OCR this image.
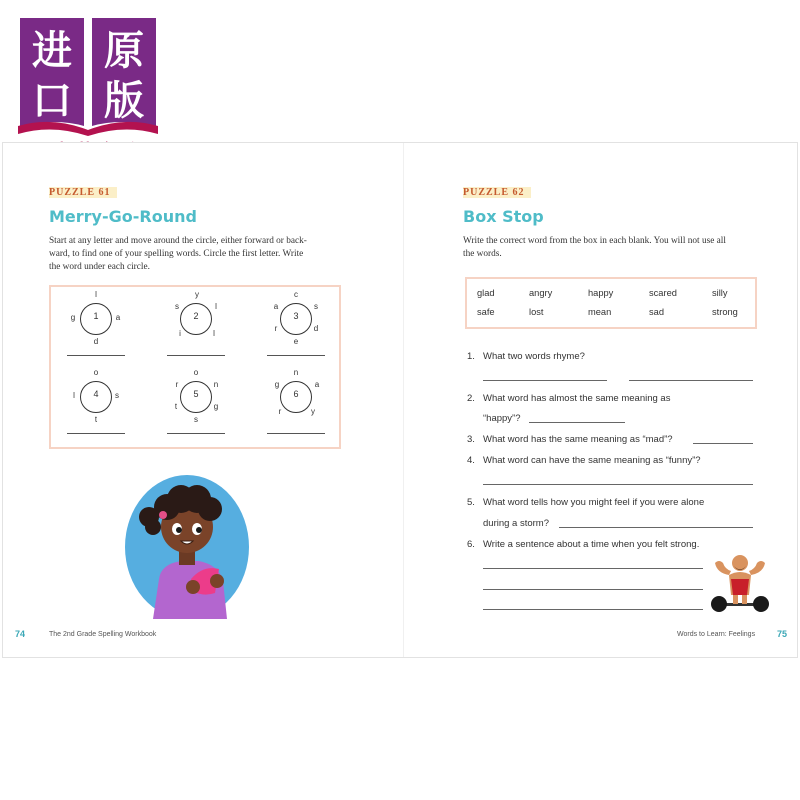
进 原
口 版
PUZZLE 61
Merry-Go-Round
Start at any letter and move around the circle, either forward or back-
ward, to find one of your spelling words. Circle the first letter. Write
the word under each circle.
1
l
g	a
d
2
y
s	l
i	l
3
c
a	s
r	d
e
4
o
l	s
t
5
o
r	n
t	g
s
6
n
g	a
r	y
74	The 2nd Grade Spelling Workbook
PUZZLE 62
Box Stop
Write the correct word from the box in each blank. You will not use all
the words.
glad	angry	happy	scared	silly
safe	lost	mean	sad	strong
1. What two words rhyme?
2. What word has almost the same meaning as
“happy”?
3. What word has the same meaning as “mad”?
4. What word can have the same meaning as “funny”?
5. What word tells how you might feel if you were alone
during a storm?
6. Write a sentence about a time when you felt strong.
Words to Learn: Feelings 75
